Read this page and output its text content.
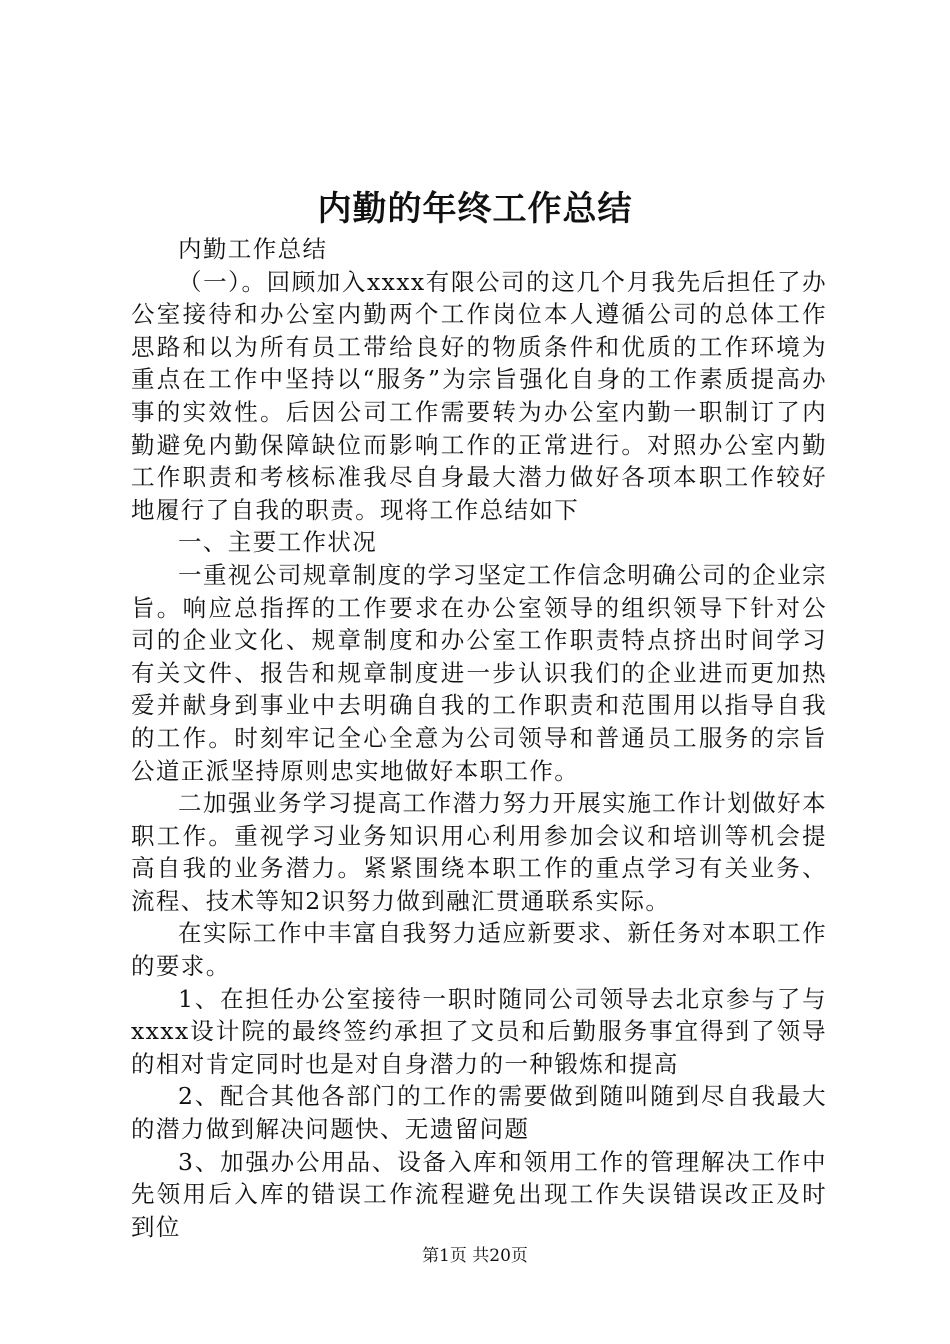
内勤的年终工作总结

内勤工作总结

（一）。回顾加入xxxx有限公司的这几个月我先后担任了办公室接待和办公室内勤两个工作岗位本人遵循公司的总体工作思路和以为所有员工带给良好的物质条件和优质的工作环境为重点在工作中坚持以“服务”为宗旨强化自身的工作素质提高办事的实效性。后因公司工作需要转为办公室内勤一职制订了内勤避免内勤保障缺位而影响工作的正常进行。对照办公室内勤工作职责和考核标准我尽自身最大潜力做好各项本职工作较好地履行了自我的职责。现将工作总结如下

一、主要工作状况

一重视公司规章制度的学习坚定工作信念明确公司的企业宗旨。响应总指挥的工作要求在办公室领导的组织领导下针对公司的企业文化、规章制度和办公室工作职责特点挤出时间学习有关文件、报告和规章制度进一步认识我们的企业进而更加热爱并献身到事业中去明确自我的工作职责和范围用以指导自我的工作。时刻牢记全心全意为公司领导和普通员工服务的宗旨公道正派坚持原则忠实地做好本职工作。

二加强业务学习提高工作潜力努力开展实施工作计划做好本职工作。重视学习业务知识用心利用参加会议和培训等机会提高自我的业务潜力。紧紧围绕本职工作的重点学习有关业务、流程、技术等知2识努力做到融汇贯通联系实际。

在实际工作中丰富自我努力适应新要求、新任务对本职工作的要求。

1、在担任办公室接待一职时随同公司领导去北京参与了与xxxx设计院的最终签约承担了文员和后勤服务事宜得到了领导的相对肯定同时也是对自身潜力的一种锻炼和提高

2、配合其他各部门的工作的需要做到随叫随到尽自我最大的潜力做到解决问题快、无遗留问题

3、加强办公用品、设备入库和领用工作的管理解决工作中先领用后入库的错误工作流程避免出现工作失误错误改正及时到位

第1页 共20页
